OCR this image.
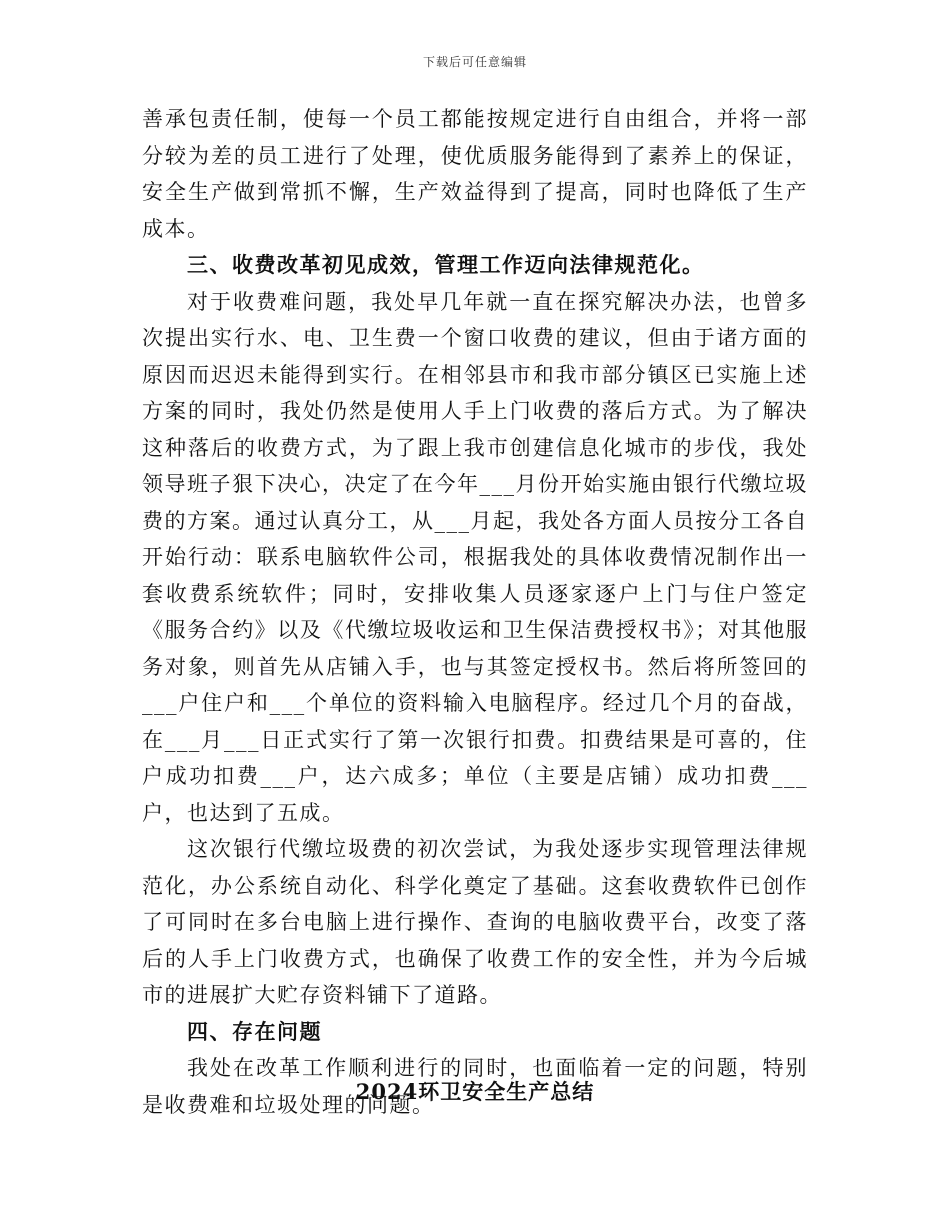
下载后可任意编辑

善承包责任制，使每一个员工都能按规定进行自由组合，并将一部分较为差的员工进行了处理，使优质服务能得到了素养上的保证，安全生产做到常抓不懈，生产效益得到了提高，同时也降低了生产成本。

三、收费改革初见成效，管理工作迈向法律规范化。

对于收费难问题，我处早几年就一直在探究解决办法，也曾多次提出实行水、电、卫生费一个窗口收费的建议，但由于诸方面的原因而迟迟未能得到实行。在相邻县市和我市部分镇区已实施上述方案的同时，我处仍然是使用人手上门收费的落后方式。为了解决这种落后的收费方式，为了跟上我市创建信息化城市的步伐，我处领导班子狠下决心，决定了在今年___月份开始实施由银行代缴垃圾费的方案。通过认真分工，从___月起，我处各方面人员按分工各自开始行动：联系电脑软件公司，根据我处的具体收费情况制作出一套收费系统软件；同时，安排收集人员逐家逐户上门与住户签定《服务合约》以及《代缴垃圾收运和卫生保洁费授权书》；对其他服务对象，则首先从店铺入手，也与其签定授权书。然后将所签回的___户住户和___个单位的资料输入电脑程序。经过几个月的奋战，在___月___日正式实行了第一次银行扣费。扣费结果是可喜的，住户成功扣费___户，达六成多；单位（主要是店铺）成功扣费___户，也达到了五成。

这次银行代缴垃圾费的初次尝试，为我处逐步实现管理法律规范化，办公系统自动化、科学化奠定了基础。这套收费软件已创作了可同时在多台电脑上进行操作、查询的电脑收费平台，改变了落后的人手上门收费方式，也确保了收费工作的安全性，并为今后城市的进展扩大贮存资料铺下了道路。

四、存在问题

我处在改革工作顺利进行的同时，也面临着一定的问题，特别是收费难和垃圾处理的问题。

2024环卫安全生产总结
